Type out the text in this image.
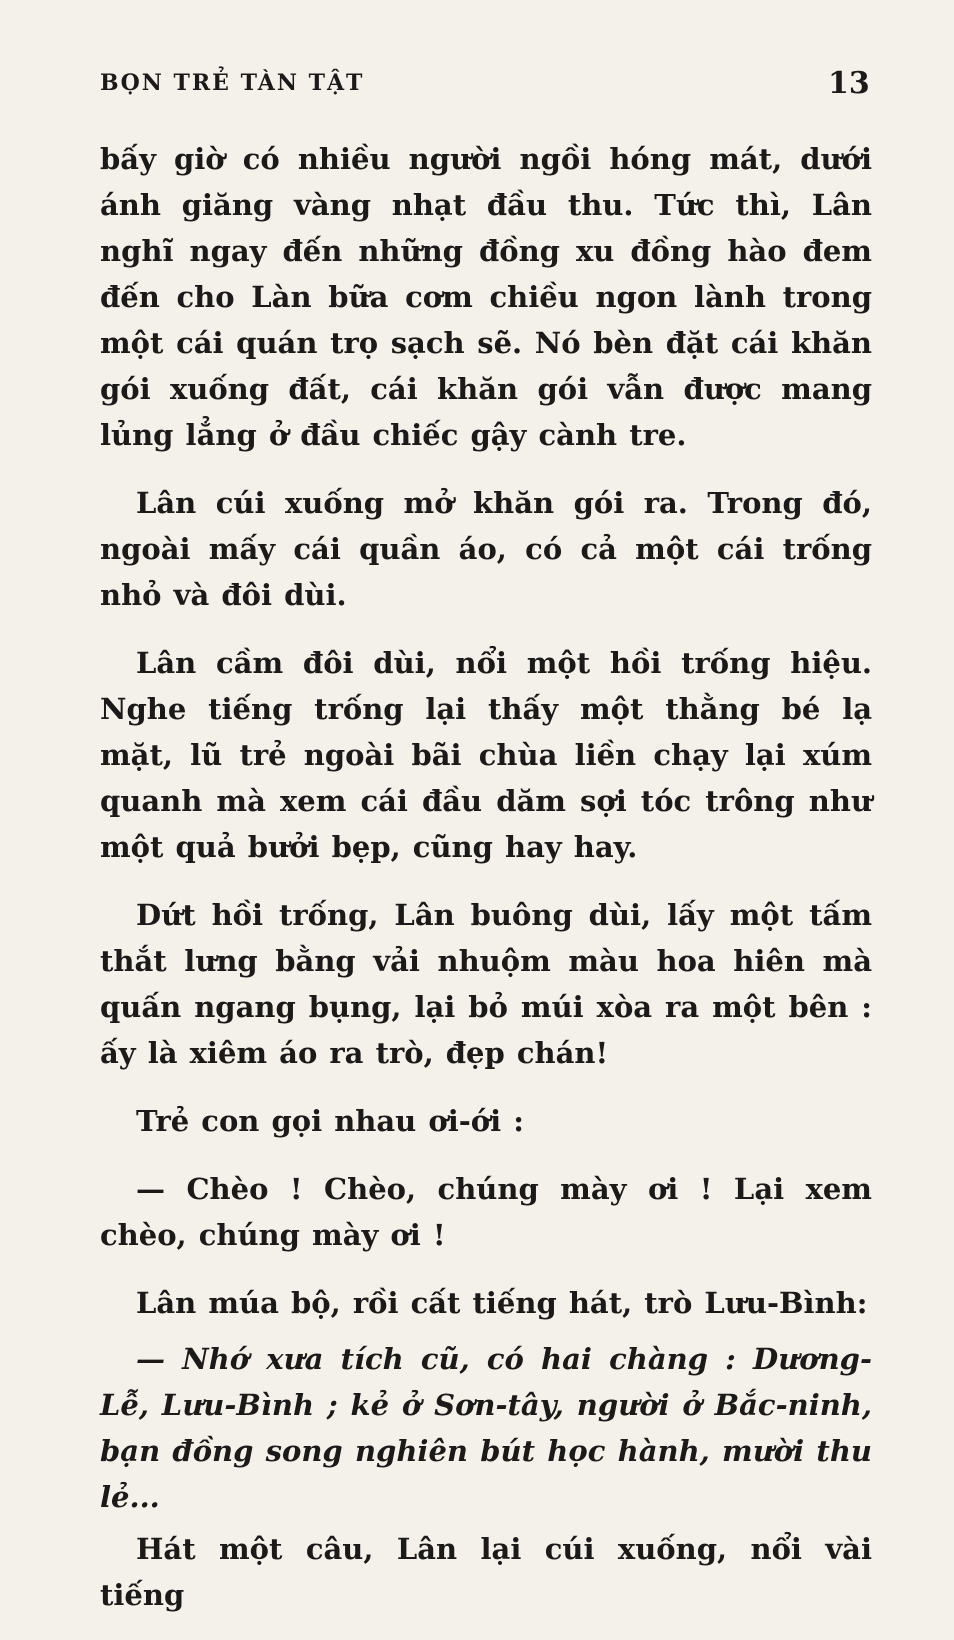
BỌN TRẺ TÀN TẬT	13

bấy giờ có nhiều người ngồi hóng mát, dưới ánh giăng vàng nhạt đầu thu. Tức thì, Lân nghĩ ngay đến những đồng xu đồng hào đem đến cho Làn bữa cơm chiều ngon lành trong một cái quán trọ sạch sẽ. Nó bèn đặt cái khăn gói xuống đất, cái khăn gói vẫn được mang lủng lẳng ở đầu chiếc gậy cành tre.

Lân cúi xuống mở khăn gói ra. Trong đó, ngoài mấy cái quần áo, có cả một cái trống nhỏ và đôi dùi.

Lân cầm đôi dùi, nổi một hồi trống hiệu. Nghe tiếng trống lại thấy một thằng bé lạ mặt, lũ trẻ ngoài bãi chùa liền chạy lại xúm quanh mà xem cái đầu dăm sợi tóc trông như một quả bưởi bẹp, cũng hay hay.

Dứt hồi trống, Lân buông dùi, lấy một tấm thắt lưng bằng vải nhuộm màu hoa hiên mà quấn ngang bụng, lại bỏ múi xòa ra một bên : ấy là xiêm áo ra trò, đẹp chán!

Trẻ con gọi nhau ơi-ới :

— Chèo ! Chèo, chúng mày ơi ! Lại xem chèo, chúng mày ơi !

Lân múa bộ, rồi cất tiếng hát, trò Lưu-Bình:

— Nhớ xưa tích cũ, có hai chàng : Dương-Lễ, Lưu-Bình ; kẻ ở Sơn-tây, người ở Bắc-ninh, bạn đồng song nghiên bút học hành, mười thu lẻ...

Hát một câu, Lân lại cúi xuống, nổi vài tiếng
